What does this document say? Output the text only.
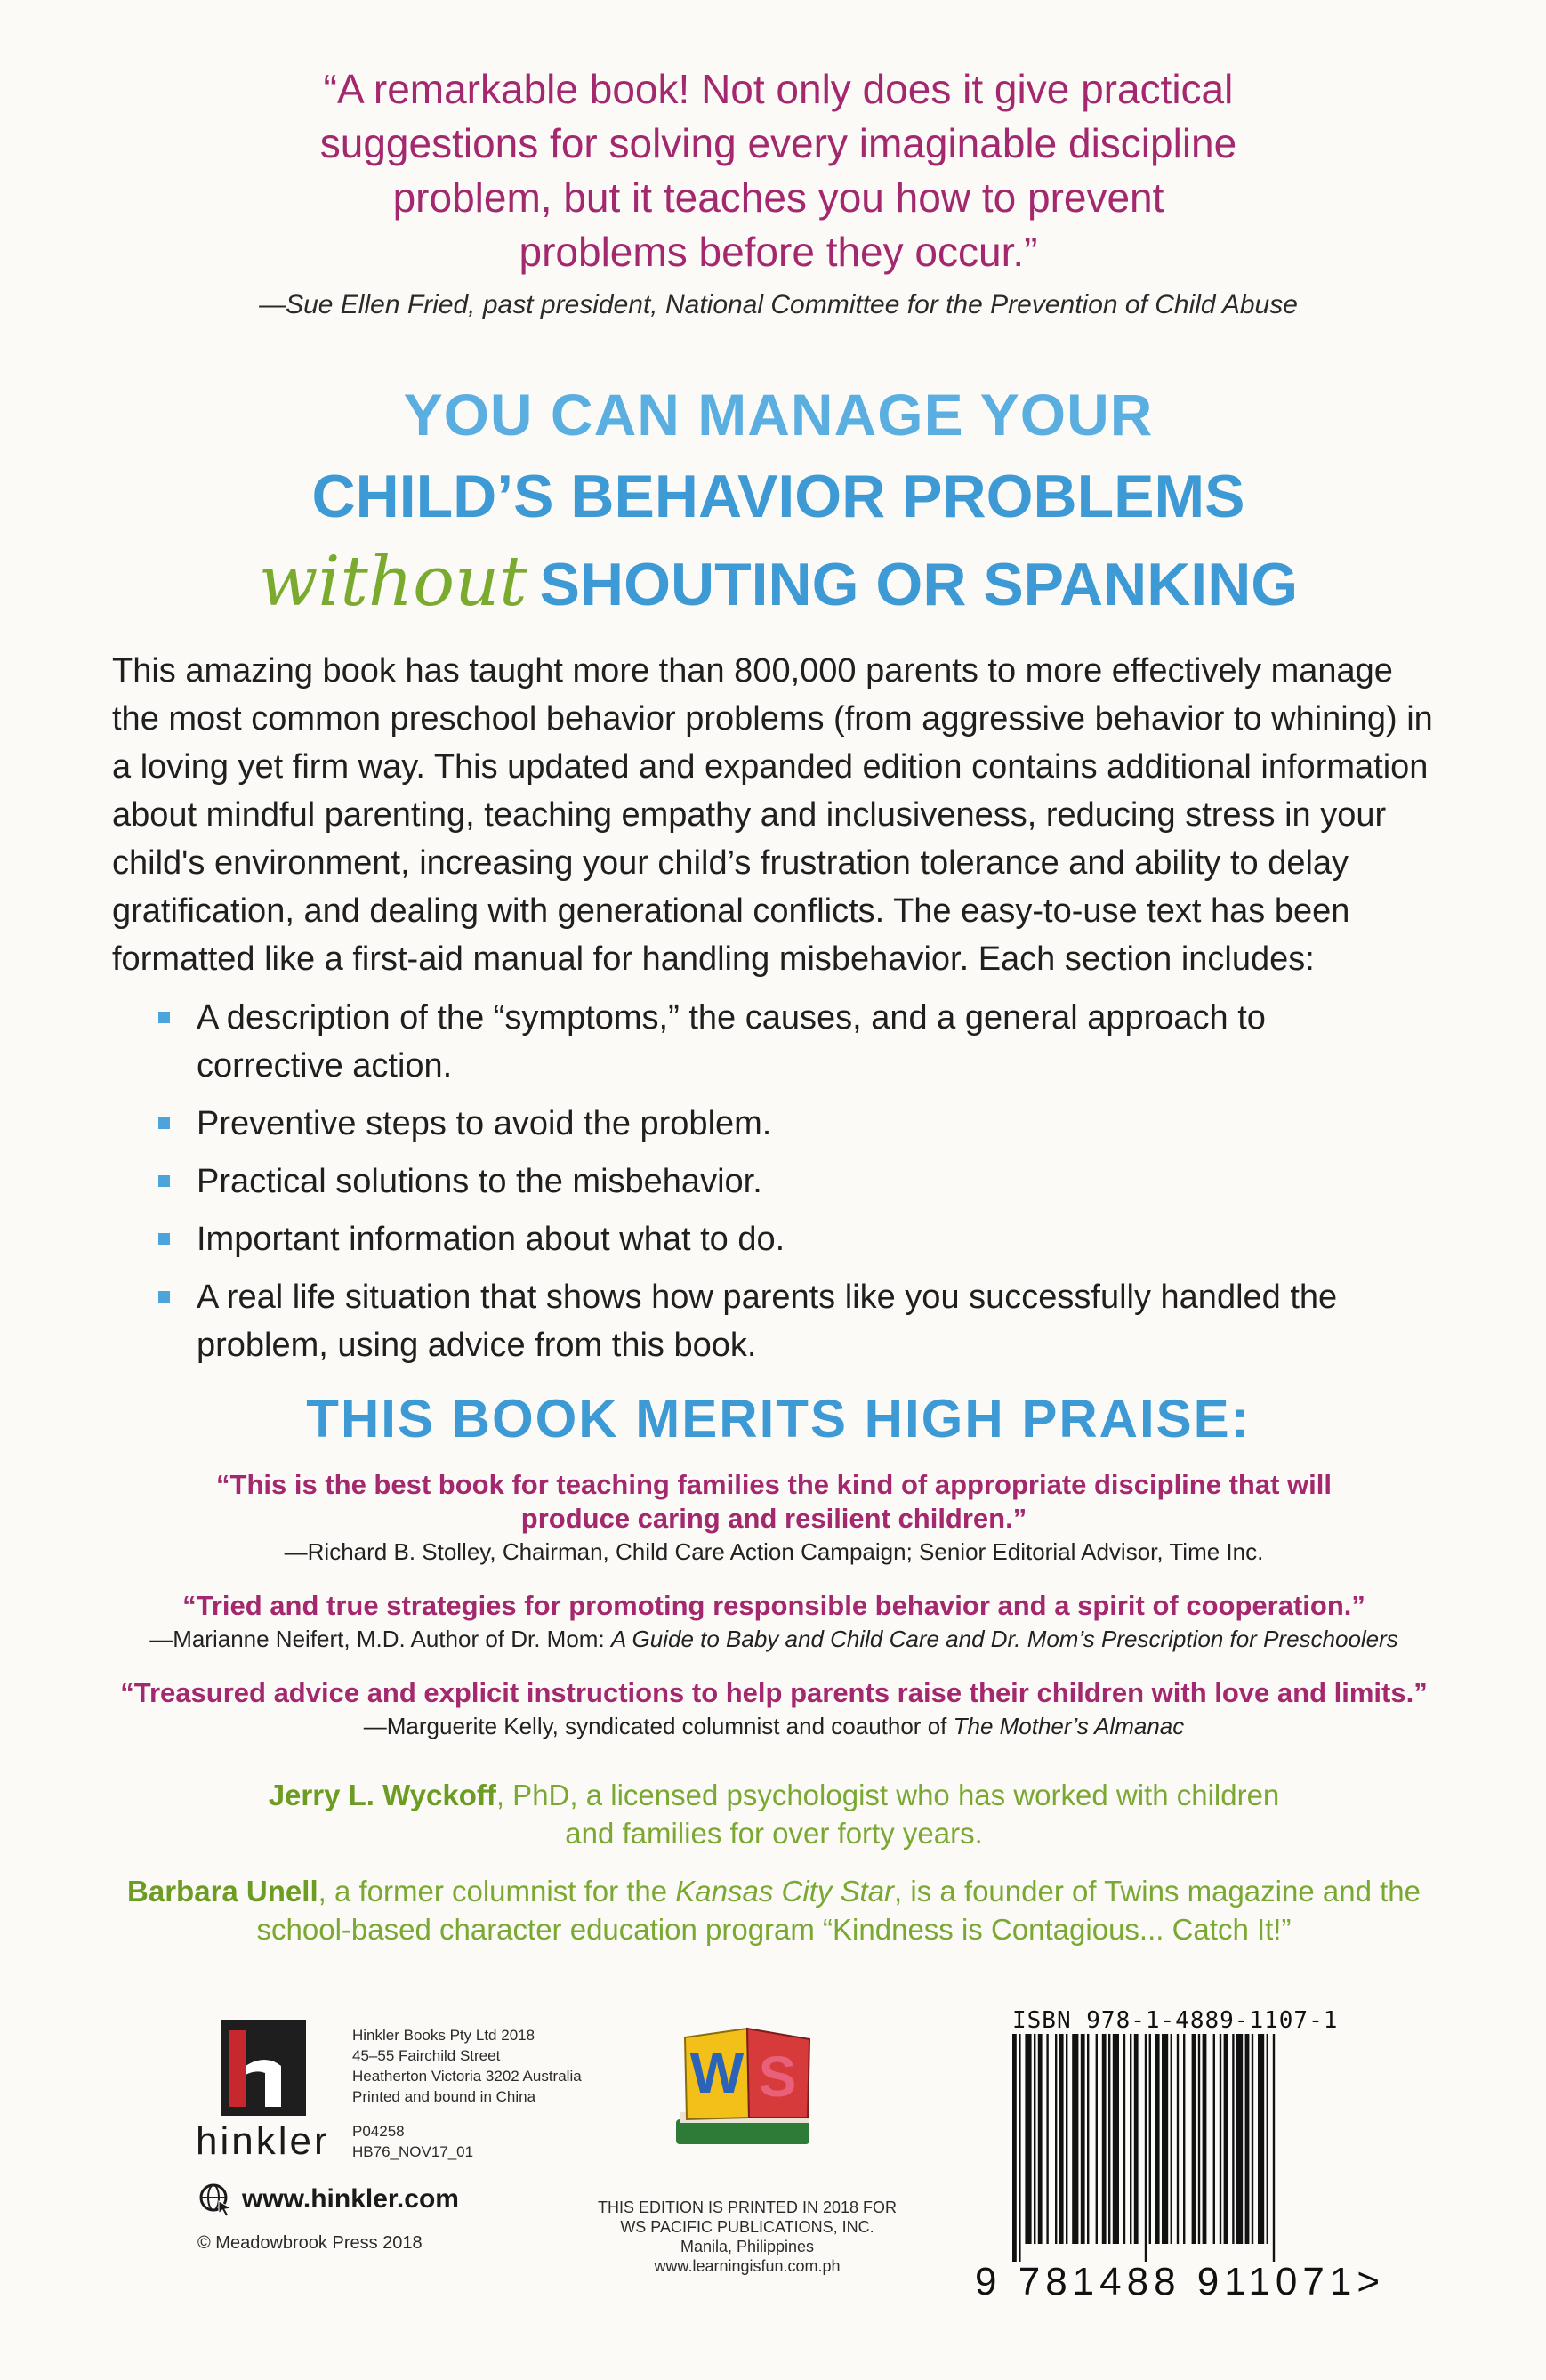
“A remarkable book! Not only does it give practical
suggestions for solving every imaginable discipline
problem, but it teaches you how to prevent
problems before they occur.”
—Sue Ellen Fried, past president, National Committee for the Prevention of Child Abuse
YOU CAN MANAGE YOUR
CHILD’S BEHAVIOR PROBLEMS
without SHOUTING OR SPANKING
This amazing book has taught more than 800,000 parents to more effectively manage the most common preschool behavior problems (from aggressive behavior to whining) in a loving yet firm way. This updated and expanded edition contains additional information about mindful parenting, teaching empathy and inclusiveness, reducing stress in your child's environment, increasing your child’s frustration tolerance and ability to delay gratification, and dealing with generational conflicts. The easy-to-use text has been formatted like a first-aid manual for handling misbehavior. Each section includes:
A description of the “symptoms,” the causes, and a general approach to corrective action.
Preventive steps to avoid the problem.
Practical solutions to the misbehavior.
Important information about what to do.
A real life situation that shows how parents like you successfully handled the problem, using advice from this book.
THIS BOOK MERITS HIGH PRAISE:
“This is the best book for teaching families the kind of appropriate discipline that will
produce caring and resilient children.”
—Richard B. Stolley, Chairman, Child Care Action Campaign; Senior Editorial Advisor, Time Inc.
“Tried and true strategies for promoting responsible behavior and a spirit of cooperation.”
—Marianne Neifert, M.D. Author of Dr. Mom: A Guide to Baby and Child Care and Dr. Mom’s Prescription for Preschoolers
“Treasured advice and explicit instructions to help parents raise their children with love and limits.”
—Marguerite Kelly, syndicated columnist and coauthor of The Mother’s Almanac
Jerry L. Wyckoff, PhD, a licensed psychologist who has worked with children
and families for over forty years.
Barbara Unell, a former columnist for the Kansas City Star, is a founder of Twins magazine and the
school-based character education program “Kindness is Contagious... Catch It!”
hinkler
Hinkler Books Pty Ltd 2018
45–55 Fairchild Street
Heatherton Victoria 3202 Australia
Printed and bound in China
P04258
HB76_NOV17_01
www.hinkler.com
© Meadowbrook Press 2018
W S
THIS EDITION IS PRINTED IN 2018 FOR
WS PACIFIC PUBLICATIONS, INC.
Manila, Philippines
www.learningisfun.com.ph
ISBN 978-1-4889-1107-1
9 781488 911071>
